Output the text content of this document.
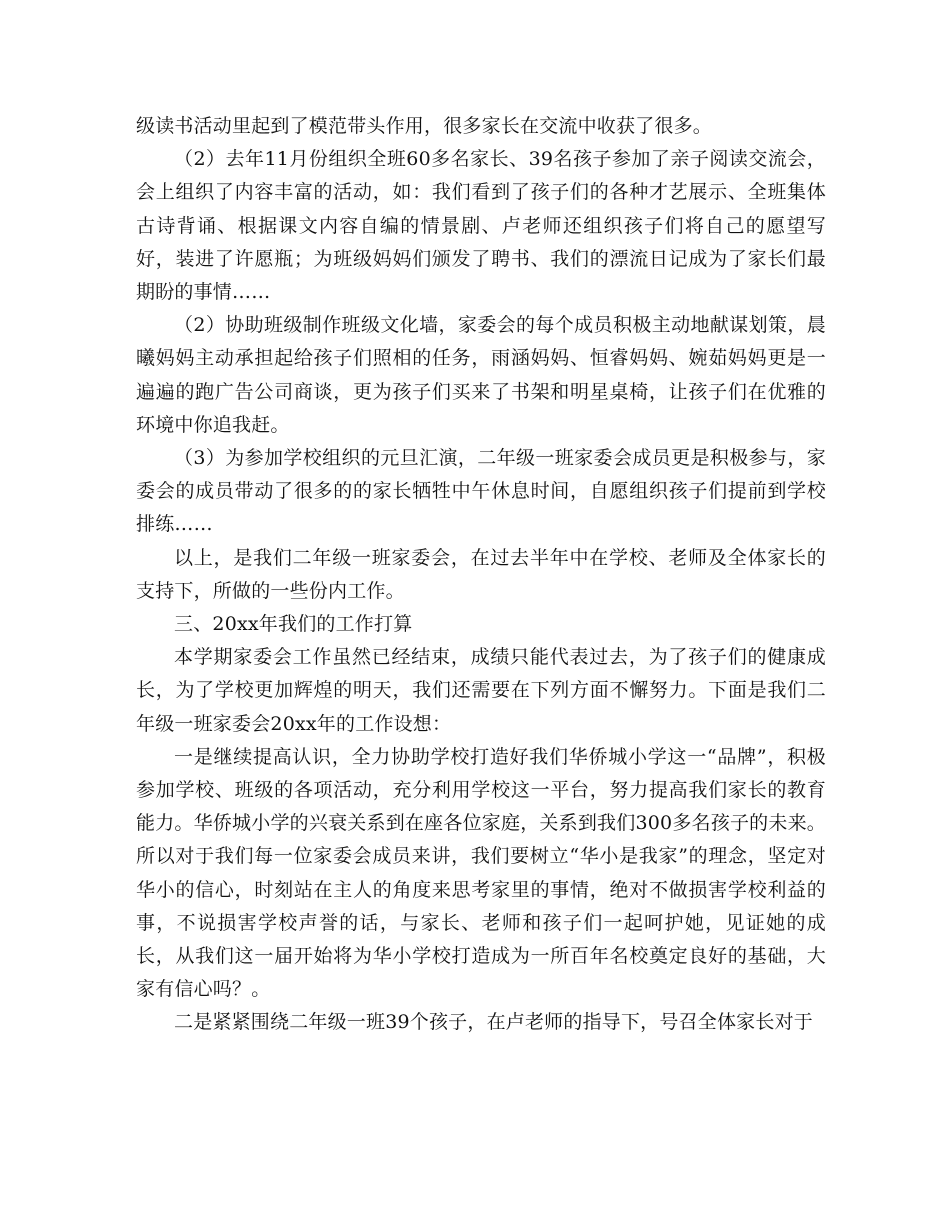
级读书活动里起到了模范带头作用，很多家长在交流中收获了很多。

（2）去年11月份组织全班60多名家长、39名孩子参加了亲子阅读交流会，会上组织了内容丰富的活动，如：我们看到了孩子们的各种才艺展示、全班集体古诗背诵、根据课文内容自编的情景剧、卢老师还组织孩子们将自己的愿望写好，装进了许愿瓶；为班级妈妈们颁发了聘书、我们的漂流日记成为了家长们最期盼的事情……

（2）协助班级制作班级文化墙，家委会的每个成员积极主动地献谋划策，晨曦妈妈主动承担起给孩子们照相的任务，雨涵妈妈、恒睿妈妈、婉茹妈妈更是一遍遍的跑广告公司商谈，更为孩子们买来了书架和明星桌椅，让孩子们在优雅的环境中你追我赶。

（3）为参加学校组织的元旦汇演，二年级一班家委会成员更是积极参与，家委会的成员带动了很多的的家长牺牲中午休息时间，自愿组织孩子们提前到学校排练……

以上，是我们二年级一班家委会，在过去半年中在学校、老师及全体家长的支持下，所做的一些份内工作。

三、20xx年我们的工作打算

本学期家委会工作虽然已经结束，成绩只能代表过去，为了孩子们的健康成长，为了学校更加辉煌的明天，我们还需要在下列方面不懈努力。下面是我们二年级一班家委会20xx年的工作设想：

一是继续提高认识，全力协助学校打造好我们华侨城小学这一“品牌”，积极参加学校、班级的各项活动，充分利用学校这一平台，努力提高我们家长的教育能力。华侨城小学的兴衰关系到在座各位家庭，关系到我们300多名孩子的未来。所以对于我们每一位家委会成员来讲，我们要树立“华小是我家”的理念，坚定对华小的信心，时刻站在主人的角度来思考家里的事情，绝对不做损害学校利益的事，不说损害学校声誉的话，与家长、老师和孩子们一起呵护她，见证她的成长，从我们这一届开始将为华小学校打造成为一所百年名校奠定良好的基础，大家有信心吗？。

二是紧紧围绕二年级一班39个孩子，在卢老师的指导下，号召全体家长对于
